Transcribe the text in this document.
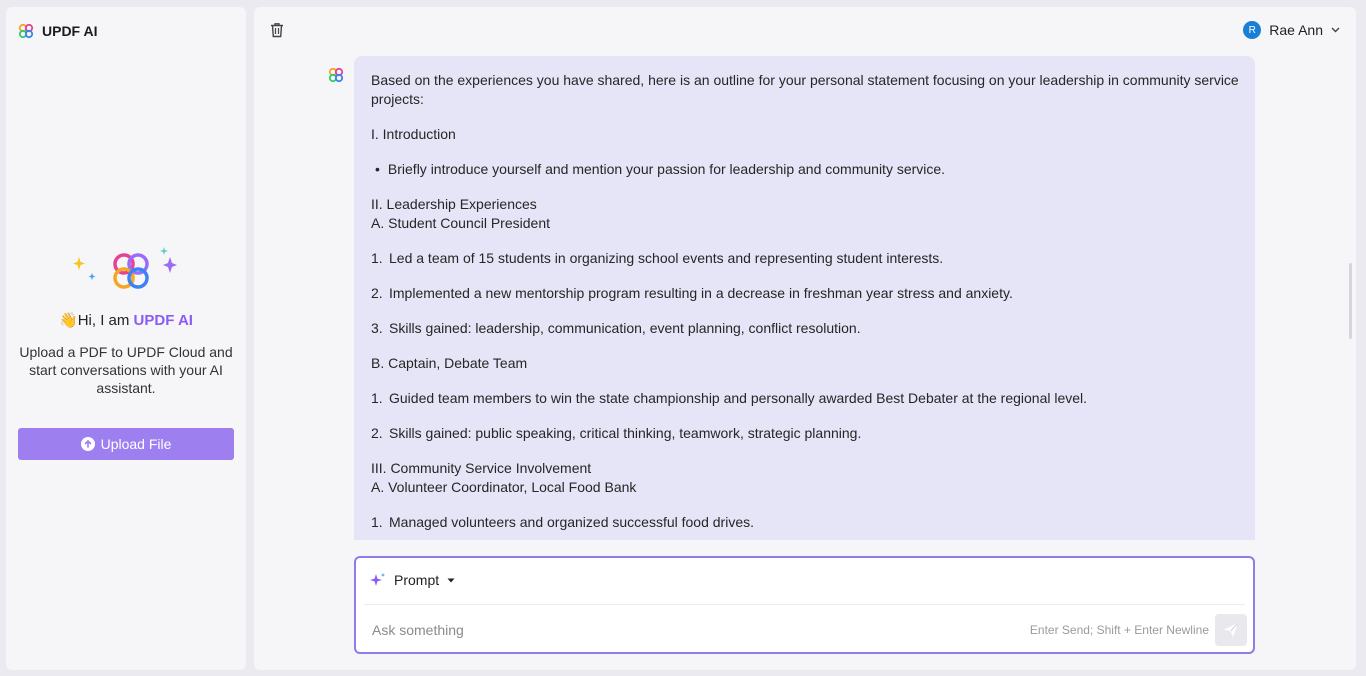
UPDF AI
👋Hi, I am UPDF AI
Upload a PDF to UPDF Cloud and start conversations with your AI assistant.
Upload File
R Rae Ann

Based on the experiences you have shared, here is an outline for your personal statement focusing on your leadership in community service projects:

I. Introduction

• Briefly introduce yourself and mention your passion for leadership and community service.

II. Leadership Experiences

A. Student Council President

1. Led a team of 15 students in organizing school events and representing student interests.
2. Implemented a new mentorship program resulting in a decrease in freshman year stress and anxiety.
3. Skills gained: leadership, communication, event planning, conflict resolution.

B. Captain, Debate Team

1. Guided team members to win the state championship and personally awarded Best Debater at the regional level.
2. Skills gained: public speaking, critical thinking, teamwork, strategic planning.

III. Community Service Involvement

A. Volunteer Coordinator, Local Food Bank

1. Managed volunteers and organized successful food drives.
Prompt
Ask something
Enter Send; Shift + Enter Newline
